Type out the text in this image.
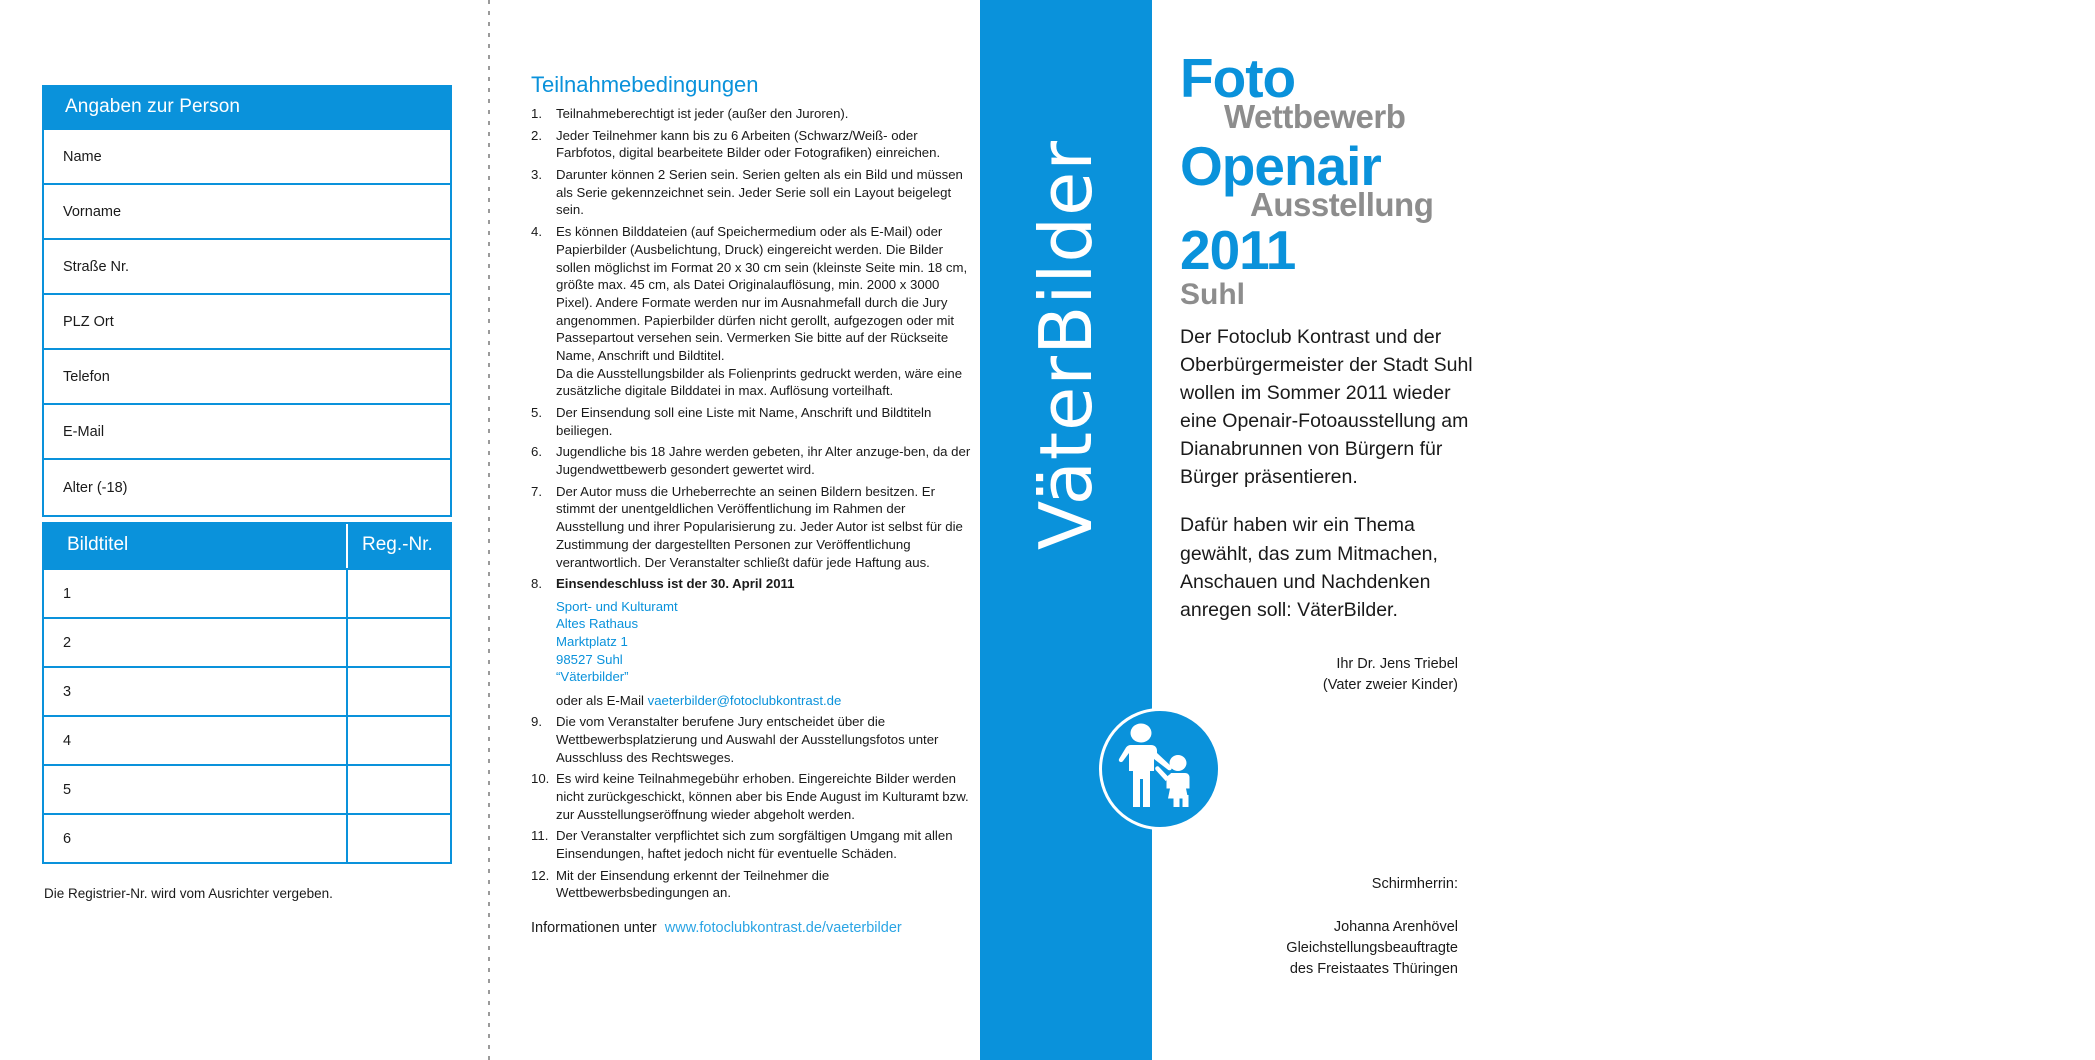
Angaben zur Person
Name
Vorname
Straße Nr.
PLZ Ort
Telefon
E-Mail
Alter (-18)
Bildtitel	Reg.-Nr.
1
2
3
4
5
6
Die Registrier-Nr. wird vom Ausrichter vergeben.
Teilnahmebedingungen
Teilnahmeberechtigt ist jeder (außer den Juroren).
Jeder Teilnehmer kann bis zu 6 Arbeiten (Schwarz/Weiß- oder Farbfotos, digital bearbeitete Bilder oder Fotografiken) einreichen.
Darunter können 2 Serien sein. Serien gelten als ein Bild und müssen als Serie gekennzeichnet sein. Jeder Serie soll ein Layout beigelegt sein.
Es können Bilddateien (auf Speichermedium oder als E-Mail) oder Papierbilder (Ausbelichtung, Druck) eingereicht werden. Die Bilder sollen möglichst im Format 20 x 30 cm sein (kleinste Seite min. 18 cm, größte max. 45 cm, als Datei Originalauflösung, min. 2000 x 3000 Pixel). Andere Formate werden nur im Ausnahmefall durch die Jury angenommen. Papierbilder dürfen nicht gerollt, aufgezogen oder mit Passepartout versehen sein. Vermerken Sie bitte auf der Rückseite Name, Anschrift und Bildtitel.
Da die Ausstellungsbilder als Folienprints gedruckt werden, wäre eine zusätzliche digitale Bilddatei in max. Auflösung vorteilhaft.
Der Einsendung soll eine Liste mit Name, Anschrift und Bildtiteln beiliegen.
Jugendliche bis 18 Jahre werden gebeten, ihr Alter anzuge-ben, da der Jugendwettbewerb gesondert gewertet wird.
Der Autor muss die Urheberrechte an seinen Bildern besitzen. Er stimmt der unentgeldlichen Veröffentlichung im Rahmen der Ausstellung und ihrer Popularisierung zu. Jeder Autor ist selbst für die Zustimmung der dargestellten Personen zur Veröffentlichung verantwortlich. Der Veranstalter schließt dafür jede Haftung aus.
Einsendeschluss ist der 30. April 2011
Sport- und Kulturamt
Altes Rathaus
Marktplatz 1
98527 Suhl
“Väterbilder”
oder als E-Mail vaeterbilder@fotoclubkontrast.de
Die vom Veranstalter berufene Jury entscheidet über die Wettbewerbsplatzierung und Auswahl der Ausstellungsfotos unter Ausschluss des Rechtsweges.
Es wird keine Teilnahmegebühr erhoben. Eingereichte Bilder werden nicht zurückgeschickt, können aber bis Ende August im Kulturamt bzw. zur Ausstellungseröffnung wieder abgeholt werden.
Der Veranstalter verpflichtet sich zum sorgfältigen Umgang mit allen Einsendungen, haftet jedoch nicht für eventuelle Schäden.
Mit der Einsendung erkennt der Teilnehmer die Wettbewerbsbedingungen an.
Informationen unter www.fotoclubkontrast.de/vaeterbilder
VäterBilder
F O T O
C L U B
KONTRAST
S U H L
Foto
Wettbewerb
Openair
Ausstellung
2011
Suhl

Der Fotoclub Kontrast und der Oberbürgermeister der Stadt Suhl wollen im Sommer 2011 wieder eine Openair-Fotoausstellung am Dianabrunnen von Bürgern für Bürger präsentieren.

Dafür haben wir ein Thema gewählt, das zum Mitmachen, Anschauen und Nachdenken anregen soll: VäterBilder.

Ihr Dr. Jens Triebel
(Vater zweier Kinder)
Schirmherrin:
Johanna Arenhövel
Gleichstellungsbeauftragte
des Freistaates Thüringen
